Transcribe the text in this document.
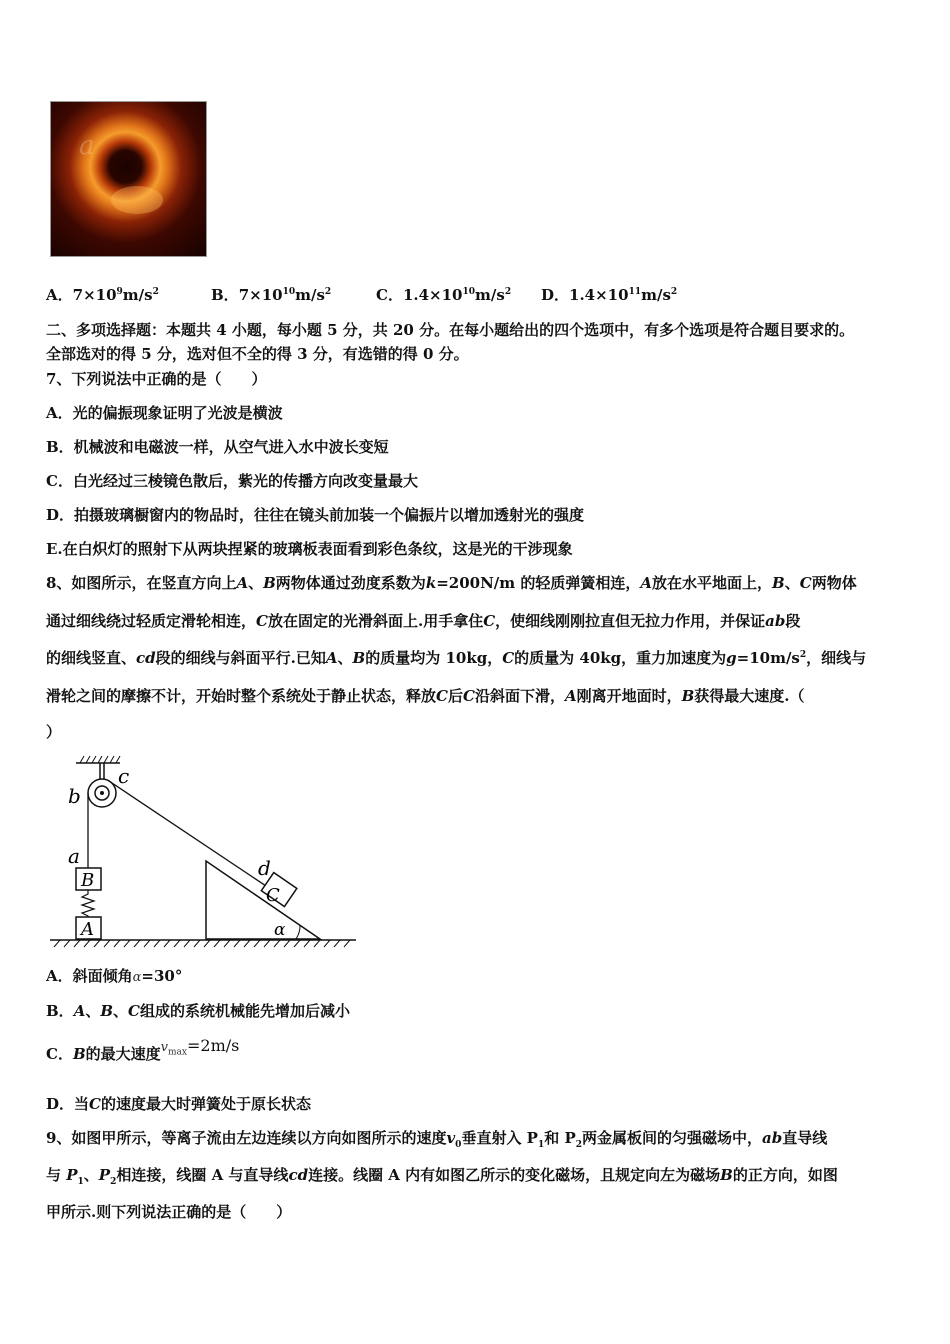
a
A．$7\times 10^9m/s^2$	B．$7\times 10^{10}m/s^2$	C．$1.4\times 10^{10}m/s^2$ D．$1.4\times 10^{11}m/s^2$
二、多项选择题：本题共 4 小题，每小题 5 分，共 20 分。在每小题给出的四个选项中，有多个选项是符合题目要求的。
全部选对的得 5 分，选对但不全的得 3 分，有选错的得 0 分。
7、下列说法中正确的是（　　）
A．光的偏振现象证明了光波是横波
B．机械波和电磁波一样，从空气进入水中波长变短
C．白光经过三棱镜色散后，紫光的传播方向改变量最大
D．拍摄玻璃橱窗内的物品时，往往在镜头前加装一个偏振片以增加透射光的强度
E.在白炽灯的照射下从两块捏紧的玻璃板表面看到彩色条纹，这是光的干涉现象
8、如图所示，在竖直方向上A、B两物体通过劲度系数为k=200N/m 的轻质弹簧相连，A放在水平地面上，B、C两物体
通过细线绕过轻质定滑轮相连，C放在固定的光滑斜面上.用手拿住C，使细线刚刚拉直但无拉力作用，并保证ab段
的细线竖直、cd段的细线与斜面平行.已知A、B的质量均为 10kg，C的质量为 40kg，重力加速度为$g=10m/s^2$，细线与
滑轮之间的摩擦不计，开始时整个系统处于静止状态，释放C后C沿斜面下滑，A刚离开地面时，B获得最大速度.（
）
B
A
C
α
c
b
a	d
A．斜面倾角α=30°
B．A、B、C组成的系统机械能先增加后减小
C．B的最大速度$v_{max}=2m/s$
D．当C的速度最大时弹簧处于原长状态
9、如图甲所示，等离子流由左边连续以方向如图所示的速度$v_0$垂直射入 $P_1$和 $P_2$两金属板间的匀强磁场中，ab直导线
与 $P_1$、$P_2$相连接，线圈 A 与直导线cd连接。线圈 A 内有如图乙所示的变化磁场，且规定向左为磁场B的正方向，如图
甲所示.则下列说法正确的是（　　）
